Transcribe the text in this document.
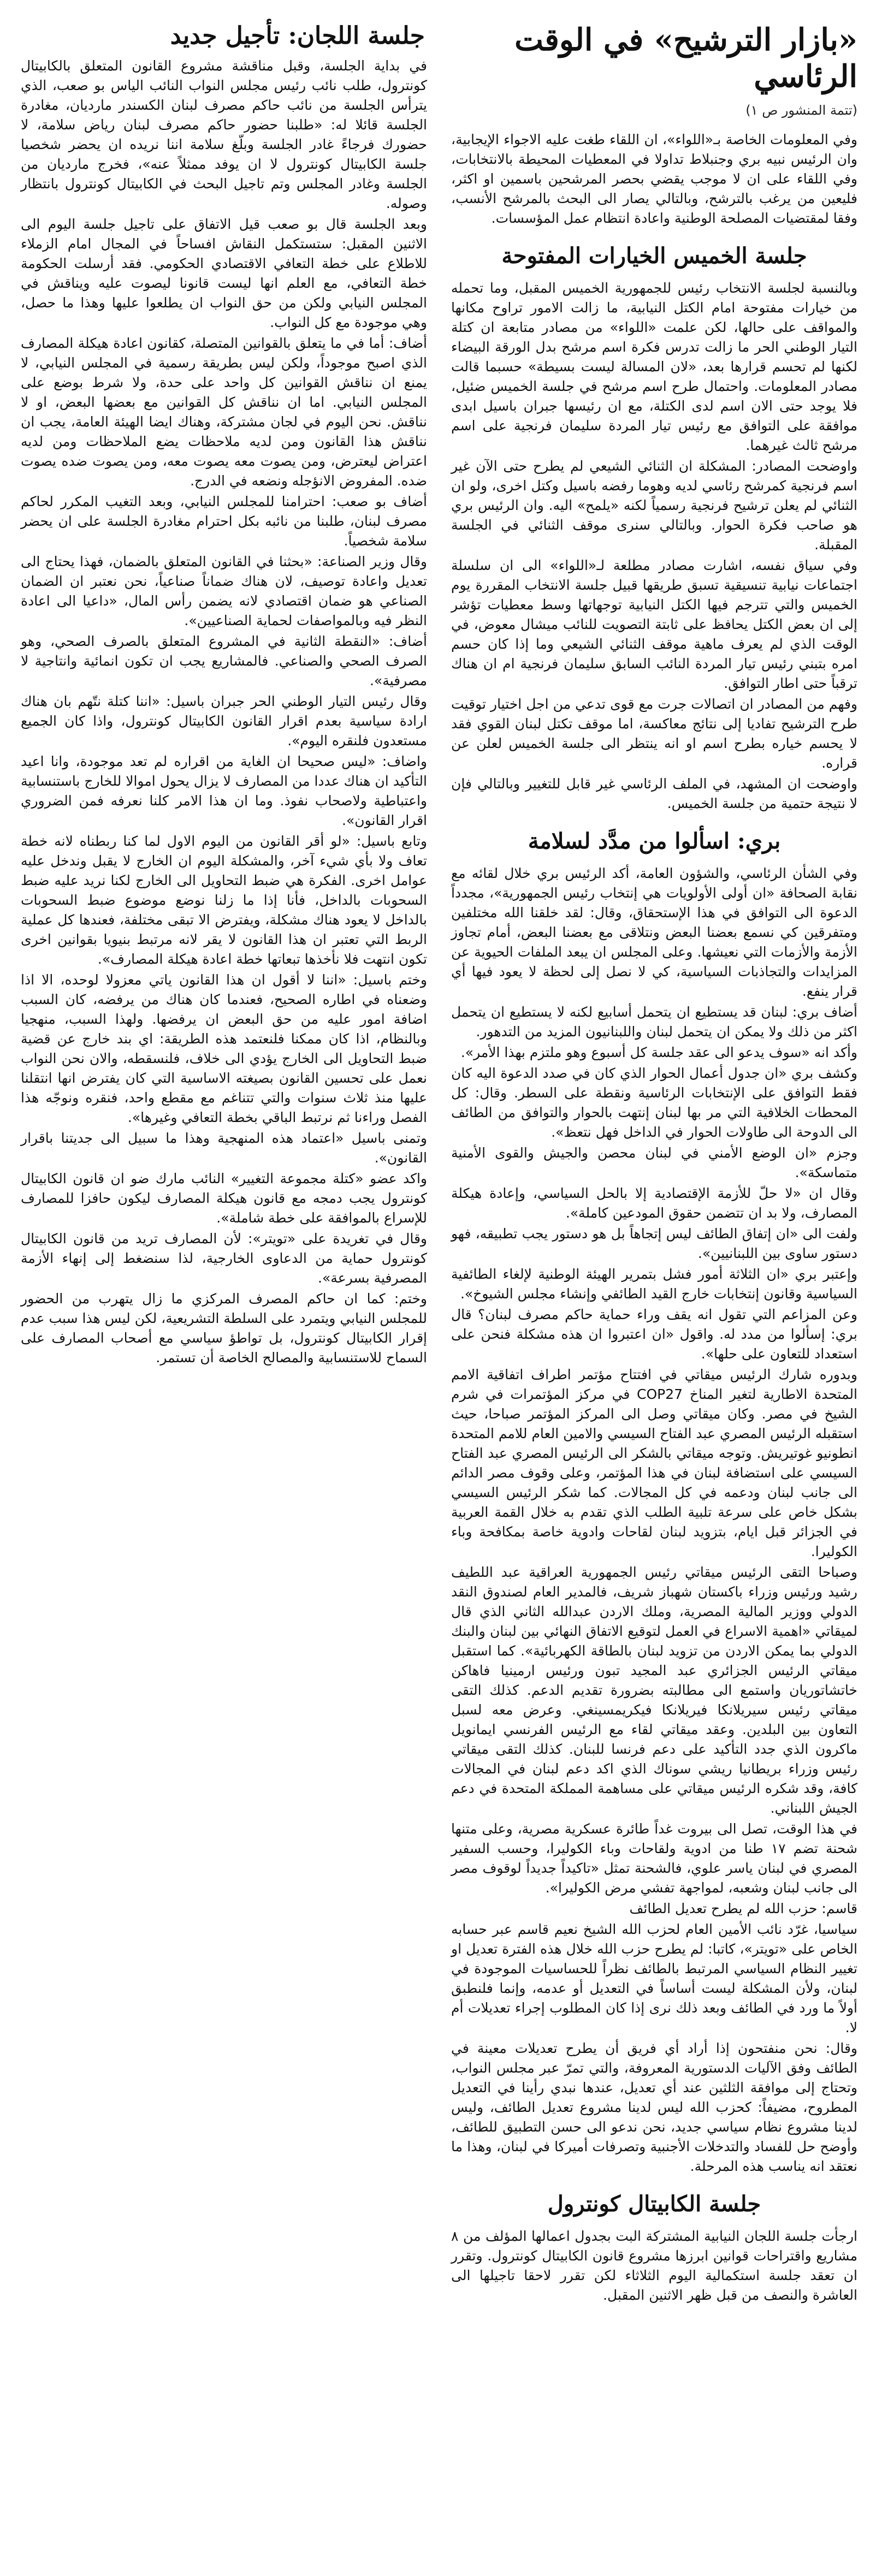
«بازار الترشيح» في الوقت الرئاسي
(تتمة المنشور ص ١)

وفي المعلومات الخاصة بـ«اللواء»، ان اللقاء طغت عليه الاجواء الإيجابية، وان الرئيس نبيه بري وجنبلاط تداولا في المعطيات المحيطة بالانتخابات، وفي اللقاء على ان لا موجب يقضي بحصر المرشحين باسمين او اكثر، فليعين من يرغب بالترشح، وبالتالي يصار الى البحث بالمرشح الأنسب، وفقا لمقتضيات المصلحة الوطنية واعادة انتظام عمل المؤسسات.

جلسة الخميس الخيارات المفتوحة

وبالنسبة لجلسة الانتخاب رئيس للجمهورية الخميس المقبل، وما تحمله من خيارات مفتوحة امام الكتل النيابية، ما زالت الامور تراوح مكانها والمواقف على حالها، لكن علمت «اللواء» من مصادر متابعة ان كتلة التيار الوطني الحر ما زالت تدرس فكرة اسم مرشح بدل الورقة البيضاء لكنها لم تحسم قرارها بعد، «لان المسالة ليست بسيطة» حسبما قالت مصادر المعلومات. واحتمال طرح اسم مرشح في جلسة الخميس ضئيل، فلا يوجد حتى الان اسم لدى الكتلة، مع ان رئيسها جبران باسيل ابدى موافقة على التوافق مع رئيس تيار المردة سليمان فرنجية على اسم مرشح ثالث غيرهما.

واوضحت المصادر: المشكلة ان الثنائي الشيعي لم يطرح حتى الآن غير اسم فرنجية كمرشح رئاسي لديه وهوما رفضه باسيل وكتل اخرى، ولو ان الثنائي لم يعلن ترشيح فرنجية رسمياً لكنه «يلمح» اليه. وان الرئيس بري هو صاحب فكرة الحوار. وبالتالي سنرى موقف الثنائي في الجلسة المقبلة.

وفي سياق نفسه، اشارت مصادر مطلعة لـ«اللواء» الى ان سلسلة اجتماعات نيابية تنسيقية تسبق طريقها قبيل جلسة الانتخاب المقررة يوم الخميس والتي تترجم فيها الكتل النيابية توجهاتها وسط معطيات تؤشر إلى ان بعض الكتل يحافظ على ثابتة التصويت للنائب ميشال معوض، في الوقت الذي لم يعرف ماهية موقف الثنائي الشيعي وما إذا كان حسم امره بتبني رئيس تيار المردة النائب السابق سليمان فرنجية ام ان هناك ترقباً حتى اطار التوافق.

وفهم من المصادر ان اتصالات جرت مع قوى تدعي من اجل اختيار توقيت طرح الترشيح تفاديا إلى نتائج معاكسة، اما موقف تكتل لبنان القوي فقد لا يحسم خياره بطرح اسم او انه ينتظر الى جلسة الخميس لعلن عن قراره.

واوضحت ان المشهد، في الملف الرئاسي غير قابل للتغيير وبالتالي فإن لا نتيجة حتمية من جلسة الخميس.

بري: اسألوا من مدَّد لسلامة

وفي الشأن الرئاسي، والشؤون العامة، أكد الرئيس بري خلال لقائه مع نقابة الصحافة «ان أولى الأولويات هي إنتخاب رئيس الجمهورية»، مجدداً الدعوة الى التوافق في هذا الإستحقاق، وقال: لقد خلقنا الله مختلفين ومتفرقين كي نسمع بعضنا البعض ونتلاقى مع بعضنا البعض، أمام تجاوز الأزمة والأزمات التي نعيشها. وعلى المجلس ان يبعد الملفات الحيوية عن المزايدات والتجاذبات السياسية، كي لا نصل إلى لحظة لا يعود فيها أي قرار ينفع.

أضاف بري: لبنان قد يستطيع ان يتحمل أسابيع لكنه لا يستطيع ان يتحمل اكثر من ذلك ولا يمكن ان يتحمل لبنان واللبنانيون المزيد من التدهور.

وأكد انه «سوف يدعو الى عقد جلسة كل أسبوع وهو ملتزم بهذا الأمر».

وكشف بري «ان جدول أعمال الحوار الذي كان في صدد الدعوة اليه كان فقط التوافق على الإنتخابات الرئاسية ونقطة على السطر. وقال: كل المحطات الخلافية التي مر بها لبنان إنتهت بالحوار والتوافق من الطائف الى الدوحة الى طاولات الحوار في الداخل فهل نتعظ».

وجزم «ان الوضع الأمني في لبنان محصن والجيش والقوى الأمنية متماسكة».

وقال ان «لا حلّ للأزمة الإقتصادية إلا بالحل السياسي، وإعادة هيكلة المصارف، ولا بد ان تتضمن حقوق المودعين كاملة».

ولفت الى «ان إتفاق الطائف ليس إتجاهاً بل هو دستور يجب تطبيقه، فهو دستور ساوى بين اللبنانيين».

وإعتبر بري «ان الثلاثة أمور فشل بتمرير الهيئة الوطنية لإلغاء الطائفية السياسية وقانون إنتخابات خارج القيد الطائفي وإنشاء مجلس الشيوخ».

وعن المزاعم التي تقول انه يقف وراء حماية حاكم مصرف لبنان؟ قال بري: إسألوا من مدد له. واقول «ان اعتبروا ان هذه مشكلة فنحن على استعداد للتعاون على حلها».

وبدوره شارك الرئيس ميقاتي في افتتاح مؤتمر اطراف اتفاقية الامم المتحدة الاطارية لتغير المناخ COP27 في مركز المؤتمرات في شرم الشيخ في مصر. وكان ميقاتي وصل الى المركز المؤتمر صباحا، حيث استقبله الرئيس المصري عبد الفتاح السيسي والامين العام للامم المتحدة انطونيو غوتيريش. وتوجه ميقاتي بالشكر الى الرئيس المصري عبد الفتاح السيسي على استضافة لبنان في هذا المؤتمر، وعلى وقوف مصر الدائم الى جانب لبنان ودعمه في كل المجالات. كما شكر الرئيس السيسي بشكل خاص على سرعة تلبية الطلب الذي تقدم به خلال القمة العربية في الجزائر قبل ايام، بتزويد لبنان لقاحات وادوية خاصة بمكافحة وباء الكوليرا.

وصباحا التقى الرئيس ميقاتي رئيس الجمهورية العراقية عبد اللطيف رشيد ورئيس وزراء باكستان شهباز شريف، فالمدير العام لصندوق النقد الدولي ووزير المالية المصرية، وملك الاردن عبدالله الثاني الذي قال لميقاتي «اهمية الاسراع في العمل لتوقيع الاتفاق النهائي بين لبنان والبنك الدولي بما يمكن الاردن من تزويد لبنان بالطاقة الكهربائية». كما استقبل ميقاتي الرئيس الجزائري عبد المجيد تبون ورئيس ارمينيا فاهاكن خاتشاتوريان واستمع الى مطالبته بضرورة تقديم الدعم. كذلك التقى ميقاتي رئيس سيريلانكا فيريلانكا فيكريمسينغي. وعرض معه لسبل التعاون بين البلدين. وعقد ميقاتي لقاء مع الرئيس الفرنسي ايمانويل ماكرون الذي جدد التأكيد على دعم فرنسا للبنان. كذلك التقى ميقاتي رئيس وزراء بريطانيا ريشي سوناك الذي اكد دعم لبنان في المجالات كافة، وقد شكره الرئيس ميقاتي على مساهمة المملكة المتحدة في دعم الجيش اللبناني.

في هذا الوقت، تصل الى بيروت غداً طائرة عسكرية مصرية، وعلى متنها شحنة تضم ١٧ طنا من ادوية ولقاحات وباء الكوليرا، وحسب السفير المصري في لبنان ياسر علوي، فالشحنة تمثل «تاكيداً جديداً لوقوف مصر الى جانب لبنان وشعبه، لمواجهة تفشي مرض الكوليرا».

قاسم: حزب الله لم يطرح تعديل الطائف

سياسيا، غرّد نائب الأمين العام لحزب الله الشيخ نعيم قاسم عبر حسابه الخاص على «تويتر»، كاتبا: لم يطرح حزب الله خلال هذه الفترة تعديل او تغيير النظام السياسي المرتبط بالطائف نظراً للحساسيات الموجودة في لبنان، ولأن المشكلة ليست أساساً في التعديل أو عدمه، وإنما فلنطبق أولاً ما ورد في الطائف وبعد ذلك نرى إذا كان المطلوب إجراء تعديلات أم لا.

وقال: نحن منفتحون إذا أراد أي فريق أن يطرح تعديلات معينة في الطائف وفق الآليات الدستورية المعروفة، والتي تمرّ عبر مجلس النواب، وتحتاج إلى موافقة الثلثين عند أي تعديل، عندها نبدي رأينا في التعديل المطروح، مضيفاً: كحزب الله ليس لدينا مشروع تعديل الطائف، وليس لدينا مشروع نظام سياسي جديد، نحن ندعو الى حسن التطبيق للطائف، وأوضح حل للفساد والتدخلات الأجنبية وتصرفات أميركا في لبنان، وهذا ما نعتقد انه يناسب هذه المرحلة.

جلسة الكابيتال كونترول

ارجأت جلسة اللجان النيابية المشتركة البت بجدول اعمالها المؤلف من ٨ مشاريع واقتراحات قوانين ابرزها مشروع قانون الكابيتال كونترول. وتقرر ان تعقد جلسة استكمالية اليوم الثلاثاء لكن تقرر لاحقا تاجيلها الى العاشرة والنصف من قبل ظهر الاثنين المقبل.

جلسة اللجان: تأجيل جديد

في بداية الجلسة، وقبل مناقشة مشروع القانون المتعلق بالكابيتال كونترول، طلب نائب رئيس مجلس النواب النائب الياس بو صعب، الذي يترأس الجلسة من نائب حاكم مصرف لبنان الكسندر مارديان، مغادرة الجلسة قائلا له: «طلبنا حضور حاكم مصرف لبنان رياض سلامة، لا حضورك فرجاءً غادر الجلسة وبلّغ سلامة اننا نريده ان يحضر شخصيا جلسة الكابيتال كونترول لا ان يوفد ممثلاً عنه»، فخرج مارديان من الجلسة وغادر المجلس وتم تاجيل البحث في الكابيتال كونترول بانتظار وصوله.

وبعد الجلسة قال بو صعب قيل الاتفاق على تاجيل جلسة اليوم الى الاثنين المقبل: ستستكمل النقاش افساحاً في المجال امام الزملاء للاطلاع على خطة التعافي الاقتصادي الحكومي. فقد أرسلت الحكومة خطة التعافي، مع العلم انها ليست قانونا ليصوت عليه ويناقش في المجلس النيابي ولكن من حق النواب ان يطلعوا عليها وهذا ما حصل، وهي موجودة مع كل النواب.

أضاف: أما في ما يتعلق بالقوانين المتصلة، كقانون اعادة هيكلة المصارف الذي اصبح موجوداً، ولكن ليس بطريقة رسمية في المجلس النيابي، لا يمنع ان نناقش القوانين كل واحد على حدة، ولا شرط بوضع على المجلس النيابي. اما ان نناقش كل القوانين مع بعضها البعض، او لا نناقش. نحن اليوم في لجان مشتركة، وهناك ايضا الهيئة العامة، يجب ان نناقش هذا القانون ومن لديه ملاحظات يضع الملاحظات ومن لديه اعتراض ليعترض، ومن يصوت معه يصوت معه، ومن يصوت ضده يصوت ضده. المفروض الانؤجله ونضعه في الدرج.

أضاف بو صعب: احترامنا للمجلس النيابي، وبعد التغيب المكرر لحاكم مصرف لبنان، طلبنا من نائبه بكل احترام مغادرة الجلسة على ان يحضر سلامة شخصياً.

وقال وزير الصناعة: «بحثنا في القانون المتعلق بالضمان، فهذا يحتاج الى تعديل واعادة توصيف، لان هناك ضماناً صناعياً، نحن نعتبر ان الضمان الصناعي هو ضمان اقتصادي لانه يضمن رأس المال، «داعيا الى اعادة النظر فيه وبالمواصفات لحماية الصناعيين».

أضاف: «النقطة الثانية في المشروع المتعلق بالصرف الصحي، وهو الصرف الصحي والصناعي. فالمشاريع يجب ان تكون انمائية وانتاجية لا مصرفية».

وقال رئيس التيار الوطني الحر جبران باسيل: «اننا كتلة نتّهم بان هناك ارادة سياسية بعدم اقرار القانون الكابيتال كونترول، واذا كان الجميع مستعدون فلنقره اليوم».

واضاف: «ليس صحيحا ان الغاية من اقراره لم تعد موجودة، وانا اعيد التأكيد ان هناك عددا من المصارف لا يزال يحول اموالا للخارج باستنسابية واعتباطية ولاصحاب نفوذ. وما ان هذا الامر كلنا نعرفه فمن الضروري اقرار القانون».

وتابع باسيل: «لو أقر القانون من اليوم الاول لما كنا ربطناه لانه خطة تعاف ولا بأي شيء آخر، والمشكلة اليوم ان الخارج لا يقبل وندخل عليه عوامل اخرى. الفكرة هي ضبط التحاويل الى الخارج لكنا نريد عليه ضبط السحوبات بالداخل، فأنا إذا ما زلنا نوضع موضوع ضبط السحوبات بالداخل لا يعود هناك مشكلة، ويفترض الا تبقى مختلفة، فعندها كل عملية الربط التي تعتبر ان هذا القانون لا يقر لانه مرتبط بنيويا بقوانين اخرى تكون انتهت فلا نأخذها تبعاتها خطة اعادة هيكلة المصارف».

وختم باسيل: «اننا لا أقول ان هذا القانون ياتي معزولا لوحده، الا اذا وضعناه في اطاره الصحيح، فعندما كان هناك من يرفضه، كان السبب اضافة امور عليه من حق البعض ان يرفضها. ولهذا السبب، منهجيا وبالنظام، اذا كان ممكنا فلنعتمد هذه الطريقة: اي بند خارج عن قضية ضبط التحاويل الى الخارج يؤدي الى خلاف، فلنسقطه، والان نحن النواب نعمل على تحسين القانون بصيغته الاساسية التي كان يفترض انها انتقلنا عليها منذ ثلاث سنوات والتي تتناغم مع مقطع واحد، فنقره ونوجّه هذا الفصل وراءنا ثم نرتبط الباقي بخطة التعافي وغيرها».

وتمنى باسيل «اعتماد هذه المنهجية وهذا ما سبيل الى جديتنا باقرار القانون».

واكد عضو «كتلة مجموعة التغيير» النائب مارك ضو ان قانون الكابيتال كونترول يجب دمجه مع قانون هيكلة المصارف ليكون حافزا للمصارف للإسراع بالموافقة على خطة شاملة».

وقال في تغريدة على «تويتر»: لأن المصارف تريد من قانون الكابيتال كونترول حماية من الدعاوى الخارجية، لذا سنضغط إلى إنهاء الأزمة المصرفية بسرعة».

وختم: كما ان حاكم المصرف المركزي ما زال يتهرب من الحضور للمجلس النيابي ويتمرد على السلطة التشريعية، لكن ليس هذا سبب عدم إقرار الكابيتال كونترول، بل تواطؤ سياسي مع أصحاب المصارف على السماح للاستنسابية والمصالح الخاصة أن تستمر.
